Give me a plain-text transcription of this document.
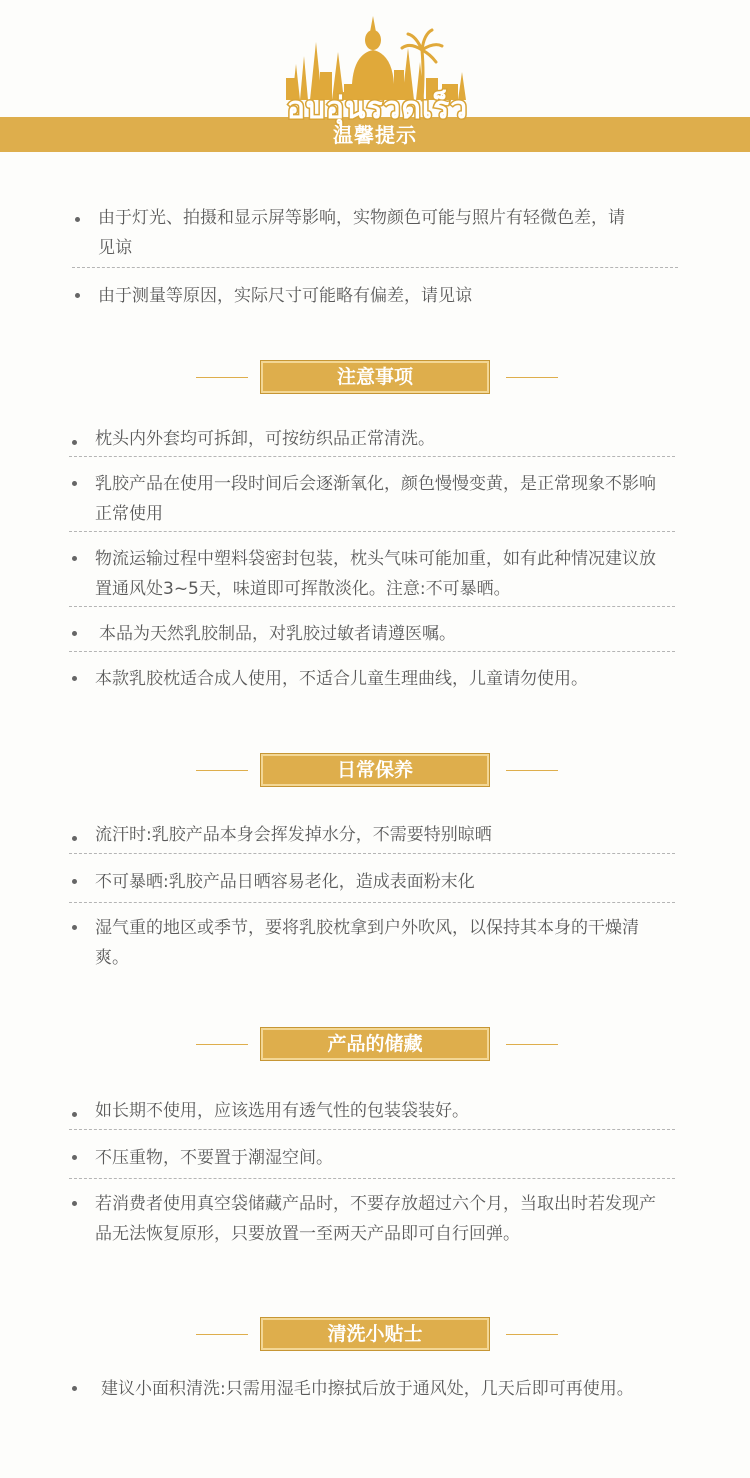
อบอุ่นรวดเร็ว
温馨提示
由于灯光、拍摄和显示屏等影响，实物颜色可能与照片有轻微色差，请见谅
由于测量等原因，实际尺寸可能略有偏差，请见谅
注意事项
枕头内外套均可拆卸，可按纺织品正常清洗。
乳胶产品在使用一段时间后会逐渐氧化，颜色慢慢变黄，是正常现象不影响正常使用
物流运输过程中塑料袋密封包装，枕头气味可能加重，如有此种情况建议放置通风处3~5天，味道即可挥散淡化。注意:不可暴晒。
本品为天然乳胶制品，对乳胶过敏者请遵医嘱。
本款乳胶枕适合成人使用，不适合儿童生理曲线，儿童请勿使用。
日常保养
流汗时:乳胶产品本身会挥发掉水分，不需要特别晾晒
不可暴晒:乳胶产品日晒容易老化，造成表面粉末化
湿气重的地区或季节，要将乳胶枕拿到户外吹风，以保持其本身的干燥清爽。
产品的储藏
如长期不使用，应该选用有透气性的包装袋装好。
不压重物，不要置于潮湿空间。
若消费者使用真空袋储藏产品时，不要存放超过六个月，当取出时若发现产品无法恢复原形，只要放置一至两天产品即可自行回弹。
清洗小贴士
建议小面积清洗:只需用湿毛巾擦拭后放于通风处，几天后即可再使用。
